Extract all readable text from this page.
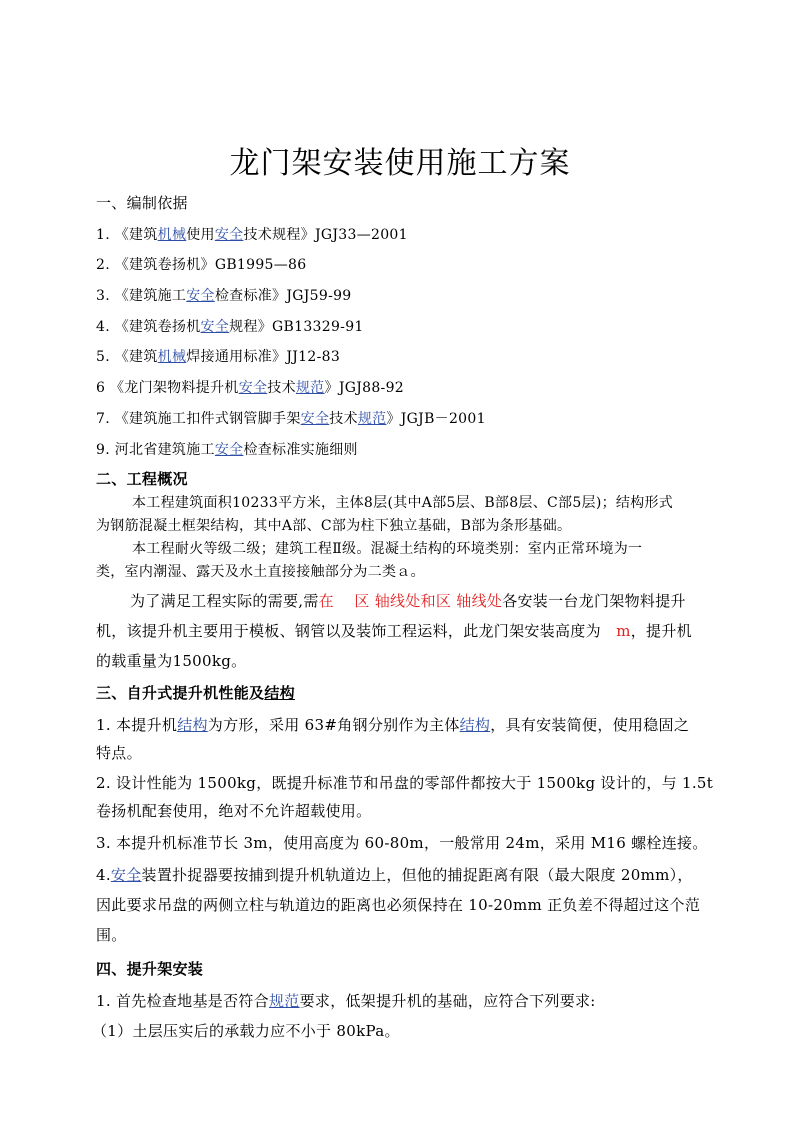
龙门架安装使用施工方案
一、编制依据
1. 《建筑机械使用安全技术规程》JGJ33—2001
2. 《建筑卷扬机》GB1995—86
3. 《建筑施工安全检查标准》JGJ59-99
4. 《建筑卷扬机安全规程》GB13329-91
5. 《建筑机械焊接通用标准》JJ12-83
6 《龙门架物料提升机安全技术规范》JGJ88-92
7. 《建筑施工扣件式钢管脚手架安全技术规范》JGJB－2001
9. 河北省建筑施工安全检查标准实施细则
二、工程概况
本工程建筑面积10233平方米，主体8层(其中A部5层、B部8层、C部5层)；结构形式
为钢筋混凝土框架结构，其中A部、C部为柱下独立基础，B部为条形基础。
本工程耐火等级二级；建筑工程Ⅱ级。混凝土结构的环境类别：室内正常环境为一
类，室内潮湿、露天及水土直接接触部分为二类ａ。
为了满足工程实际的需要,需在　 区 轴线处和区 轴线处各安装一台龙门架物料提升
机，该提升机主要用于模板、钢管以及装饰工程运料，此龙门架安装高度为　m，提升机
的载重量为1500kg。
三、自升式提升机性能及结构
1. 本提升机结构为方形，采用 63#角钢分别作为主体结构，具有安装简便，使用稳固之
特点。
2. 设计性能为 1500kg，既提升标准节和吊盘的零部件都按大于 1500kg 设计的，与 1.5t
卷扬机配套使用，绝对不允许超载使用。
3. 本提升机标准节长 3m，使用高度为 60-80m，一般常用 24m，采用 M16 螺栓连接。
4.安全装置扑捉器要按捕到提升机轨道边上，但他的捕捉距离有限（最大限度 20mm），
因此要求吊盘的两侧立柱与轨道边的距离也必须保持在 10-20mm 正负差不得超过这个范
围。
四、提升架安装
1. 首先检查地基是否符合规范要求，低架提升机的基础，应符合下列要求:
（1）土层压实后的承载力应不小于 80kPa。
